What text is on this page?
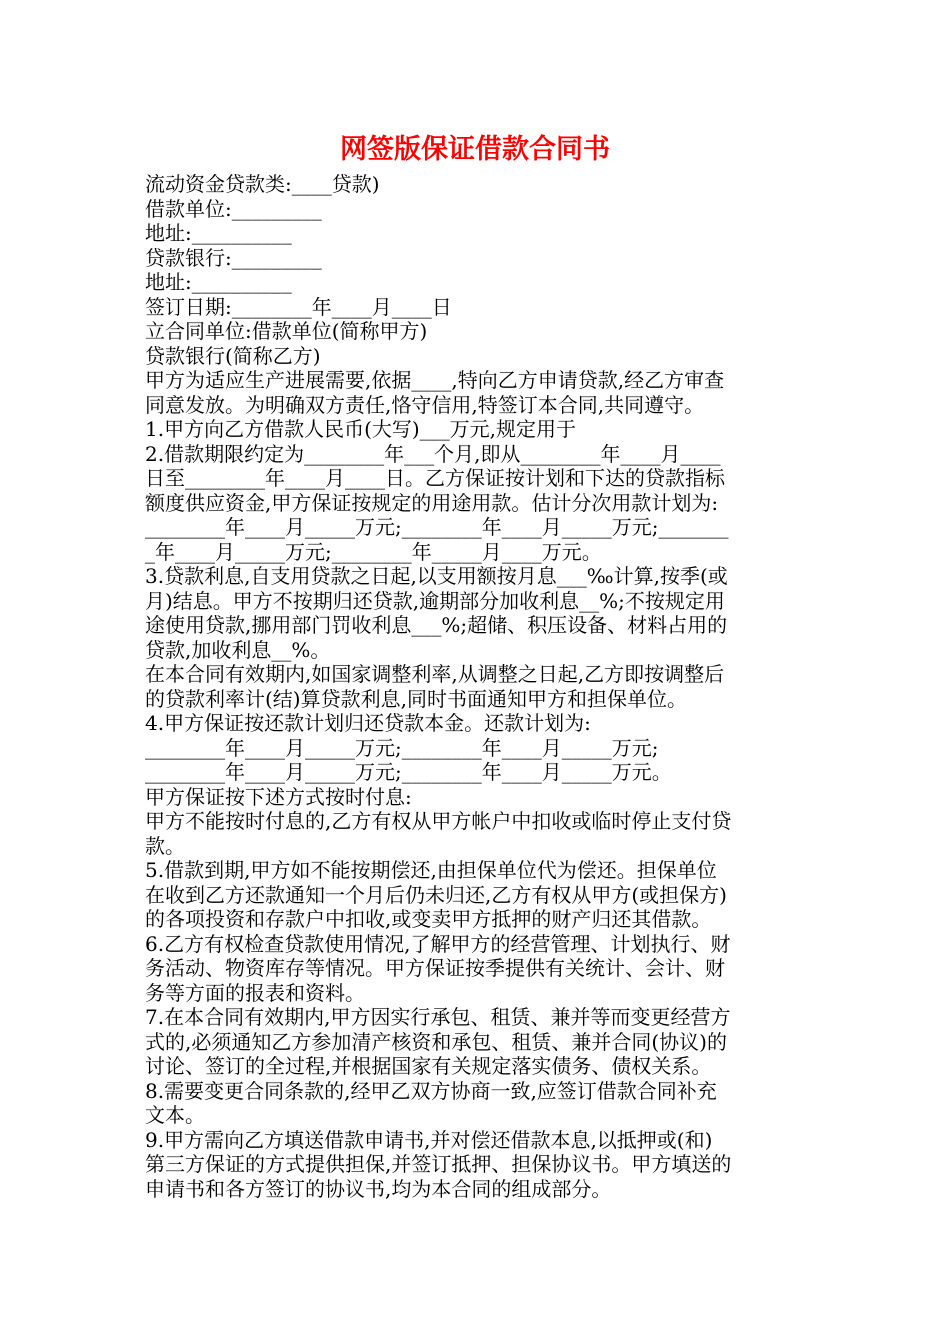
网签版保证借款合同书
流动资金贷款类:____贷款)
借款单位:_________
地址:__________
贷款银行:_________
地址:__________
签订日期:________年____月____日
立合同单位:借款单位(简称甲方)
贷款银行(简称乙方)
甲方为适应生产进展需要,依据____,特向乙方申请贷款,经乙方审查
同意发放。为明确双方责任,恪守信用,特签订本合同,共同遵守。
1.甲方向乙方借款人民币(大写)___万元,规定用于
2.借款期限约定为________年___个月,即从________年____月____
日至________年____月____日。乙方保证按计划和下达的贷款指标
额度供应资金,甲方保证按规定的用途用款。估计分次用款计划为:
________年____月_____万元;________年____月_____万元;_______
_年____月_____万元;________年_____月____万元。
3.贷款利息,自支用贷款之日起,以支用额按月息___‰计算,按季(或
月)结息。甲方不按期归还贷款,逾期部分加收利息__%;不按规定用
途使用贷款,挪用部门罚收利息___%;超储、积压设备、材料占用的
贷款,加收利息__%。
在本合同有效期内,如国家调整利率,从调整之日起,乙方即按调整后
的贷款利率计(结)算贷款利息,同时书面通知甲方和担保单位。
4.甲方保证按还款计划归还贷款本金。还款计划为:
________年____月_____万元;________年____月_____万元;
________年____月_____万元;________年____月_____万元。
甲方保证按下述方式按时付息:
甲方不能按时付息的,乙方有权从甲方帐户中扣收或临时停止支付贷
款。
5.借款到期,甲方如不能按期偿还,由担保单位代为偿还。担保单位
在收到乙方还款通知一个月后仍未归还,乙方有权从甲方(或担保方)
的各项投资和存款户中扣收,或变卖甲方抵押的财产归还其借款。
6.乙方有权检查贷款使用情况,了解甲方的经营管理、计划执行、财
务活动、物资库存等情况。甲方保证按季提供有关统计、会计、财
务等方面的报表和资料。
7.在本合同有效期内,甲方因实行承包、租赁、兼并等而变更经营方
式的,必须通知乙方参加清产核资和承包、租赁、兼并合同(协议)的
讨论、签订的全过程,并根据国家有关规定落实债务、债权关系。
8.需要变更合同条款的,经甲乙双方协商一致,应签订借款合同补充
文本。
9.甲方需向乙方填送借款申请书,并对偿还借款本息,以抵押或(和)
第三方保证的方式提供担保,并签订抵押、担保协议书。甲方填送的
申请书和各方签订的协议书,均为本合同的组成部分。
